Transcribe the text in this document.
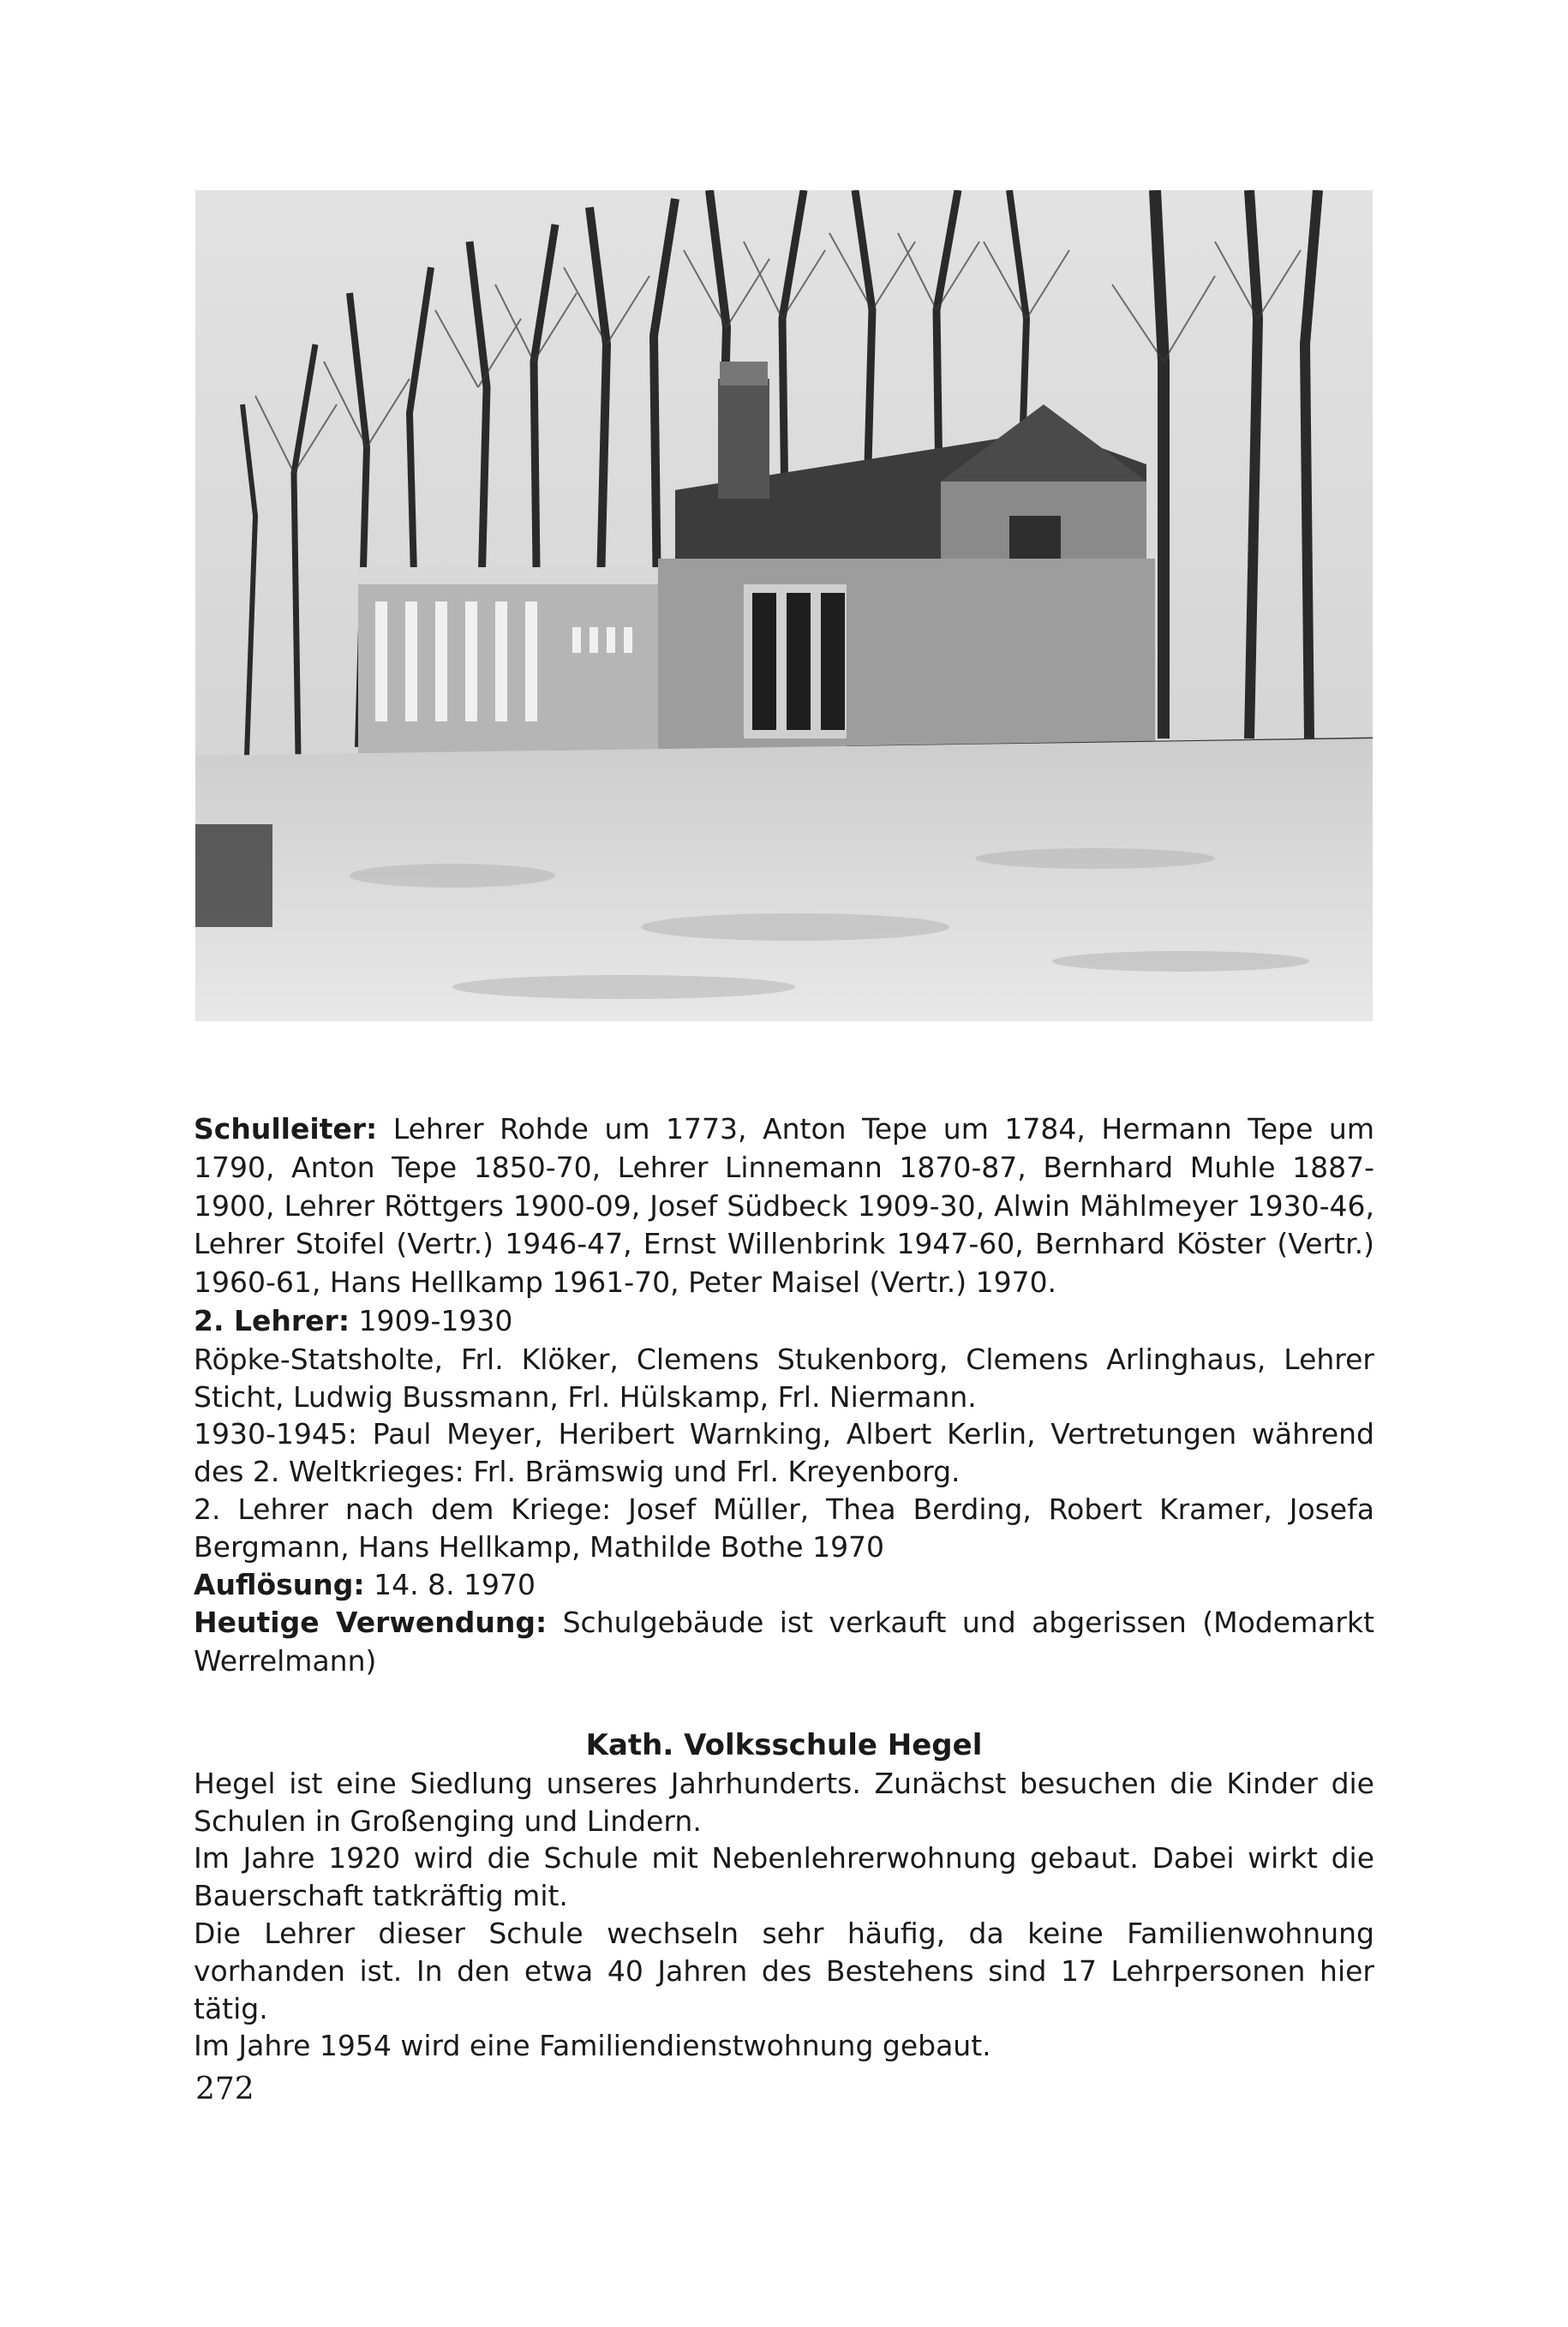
Schulleiter: Lehrer Rohde um 1773, Anton Tepe um 1784, Hermann Tepe um 1790, Anton Tepe 1850-70, Lehrer Linnemann 1870-87, Bernhard Muhle 1887-1900, Lehrer Röttgers 1900-09, Josef Südbeck 1909-30, Alwin Mählmeyer 1930-46, Lehrer Stoifel (Vertr.) 1946-47, Ernst Willenbrink 1947-60, Bernhard Köster (Vertr.) 1960-61, Hans Hellkamp 1961-70, Peter Maisel (Vertr.) 1970.

2. Lehrer: 1909-1930

Röpke-Statsholte, Frl. Klöker, Clemens Stukenborg, Clemens Arlinghaus, Lehrer Sticht, Ludwig Bussmann, Frl. Hülskamp, Frl. Niermann.

1930-1945: Paul Meyer, Heribert Warnking, Albert Kerlin, Vertretungen während des 2. Weltkrieges: Frl. Brämswig und Frl. Kreyenborg.

2. Lehrer nach dem Kriege: Josef Müller, Thea Berding, Robert Kramer, Josefa Bergmann, Hans Hellkamp, Mathilde Bothe 1970

Auflösung: 14. 8. 1970

Heutige Verwendung: Schulgebäude ist verkauft und abgerissen (Modemarkt Werrelmann)

Kath. Volksschule Hegel

Hegel ist eine Siedlung unseres Jahrhunderts. Zunächst besuchen die Kinder die Schulen in Großenging und Lindern.

Im Jahre 1920 wird die Schule mit Nebenlehrerwohnung gebaut. Dabei wirkt die Bauerschaft tatkräftig mit.

Die Lehrer dieser Schule wechseln sehr häufig, da keine Familienwohnung vorhanden ist. In den etwa 40 Jahren des Bestehens sind 17 Lehrpersonen hier tätig.

Im Jahre 1954 wird eine Familiendienstwohnung gebaut.

272
